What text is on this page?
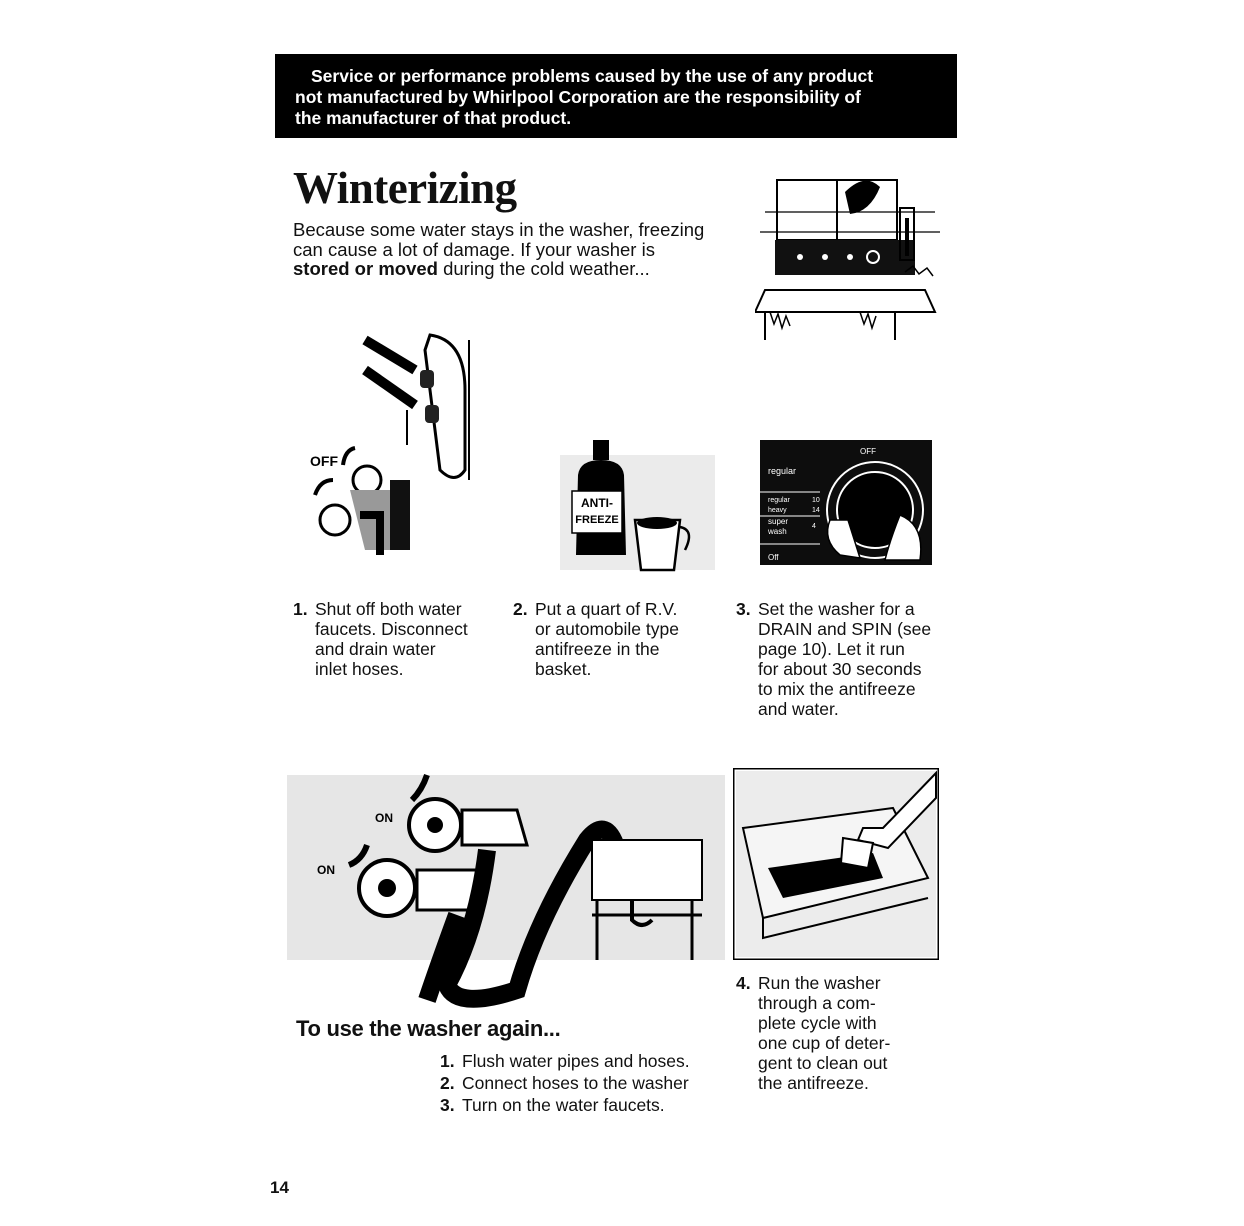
Service or performance problems caused by the use of any product
not manufactured by Whirlpool Corporation are the responsibility of
the manufacturer of that product.
Winterizing
Because some water stays in the washer, freezing
can cause a lot of damage. If your washer is
stored or moved during the cold weather...
OFF
ANTI-
FREEZE
regular
regular
heavy
super
wash
Off
OFF
10
14
4
1. Shut off both water
faucets. Disconnect
and drain water
inlet hoses.
2. Put a quart of R.V.
or automobile type
antifreeze in the
basket.
3. Set the washer for a
DRAIN and SPIN (see
page 10). Let it run
for about 30 seconds
to mix the antifreeze
and water.
ON
ON
4. Run the washer
through a com-
plete cycle with
one cup of deter-
gent to clean out
the antifreeze.
To use the washer again...
1. Flush water pipes and hoses.
2. Connect hoses to the washer
3. Turn on the water faucets.
14
